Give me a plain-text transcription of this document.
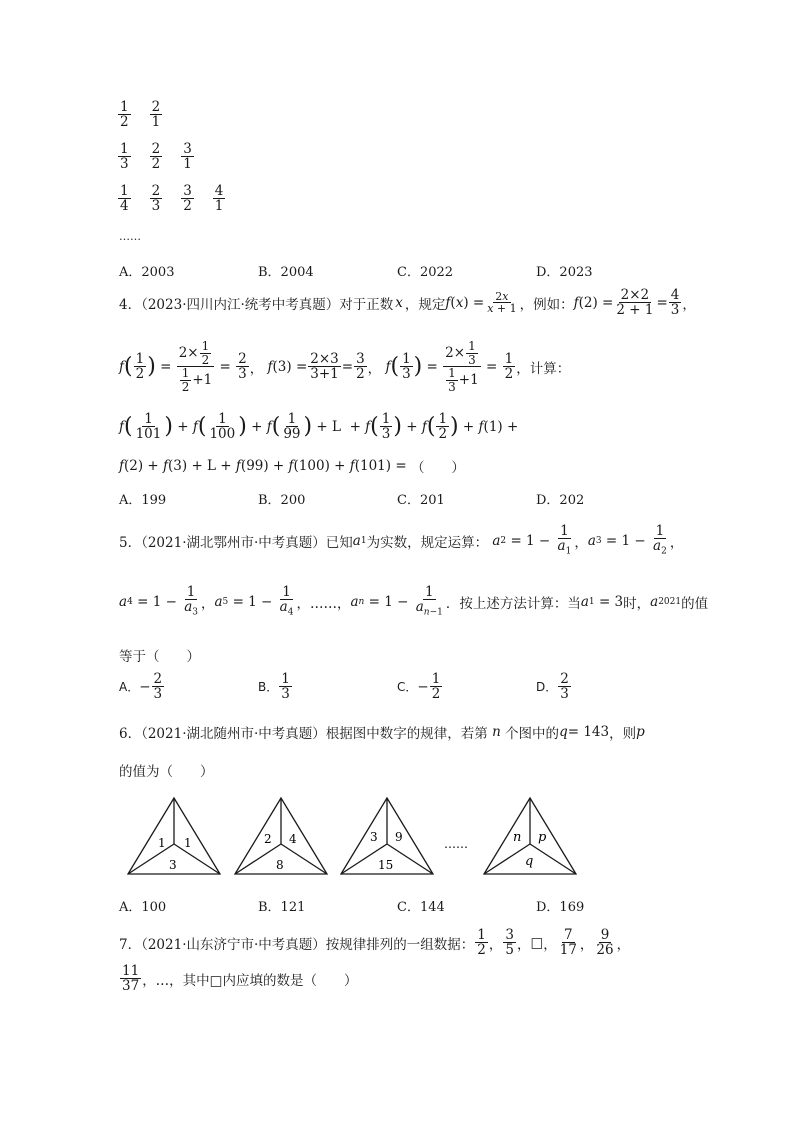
$\frac{1}{2} \frac{2}{1}$
$\frac{1}{3} \frac{2}{2} \frac{3}{1}$
$\frac{1}{4} \frac{2}{3} \frac{3}{2} \frac{4}{1}$
……
A．2003	B．2004	C．2022	D．2023
4．（2023·四川内江·统考中考真题）对于正数 x ，规定 f ( x ) = $\frac{2x}{x + 1}$ ，例如： f $(2) = \frac{2\times 2}{2 + 1} = \frac{4}{3}$ ，
f ( $\frac{1}{2}$ ) = $\frac{2\times \frac{1}{2}}{\frac{1}{2} +1} = \frac{2}{3}$ ， f $(3) = \frac{2\times 3}{3+1} = \frac{3}{2}$ ， f ( $\frac{1}{3}$ ) = $\frac{2\times \frac{1}{3}}{\frac{1}{3} +1} = \frac{1}{2}$ ，计算：
f ( $\frac{1}{101}$ ) + f ( $\frac{1}{100}$ ) + f ( $\frac{1}{99}$ ) + L  + f ( $\frac{1}{3}$ ) + f ( $\frac{1}{2}$ ) + f (1) +
f (2) + f (3) + L + f (99) + f (100) + f (101) = （　　）
A．199	B．200	C．201	D．202
5．（2021·湖北鄂州市·中考真题）已知 a 1 为实数，规定运算： a $2 = 1 - \frac{1}{a_1}$ ， a $3 = 1 - \frac{1}{a_2}$ ，
a $4 = 1 - \frac{1}{a_3}$ ， a $5 = 1 - \frac{1}{a_4}$ ， ……， a $n = 1 - \frac{1}{a_{n-1}}$ ．按上述方法计算：当 a 1 = 3 时， a 2021 的值
等于（　　）
A． − $\frac{2}{3}$	B． $\frac{1}{3}$	C． − $\frac{1}{2}$	D． $\frac{2}{3}$
6．（2021·湖北随州市·中考真题）根据图中数字的规律，若第 n 个图中的 q = 143 ，则 p
的值为（　　）
1 1
3
2 4
8
3 9
15
……	n p
q
A．100	B．121	C．144	D．169
7．（2021·山东济宁市·中考真题）按规律排列的一组数据： $\frac{1}{2}$ ， $\frac{3}{5}$ ， □ ， $\frac{7}{17}$ ， $\frac{9}{26}$ ，
$\frac{11}{37}$ ，…，其中□内应填的数是（　　）
